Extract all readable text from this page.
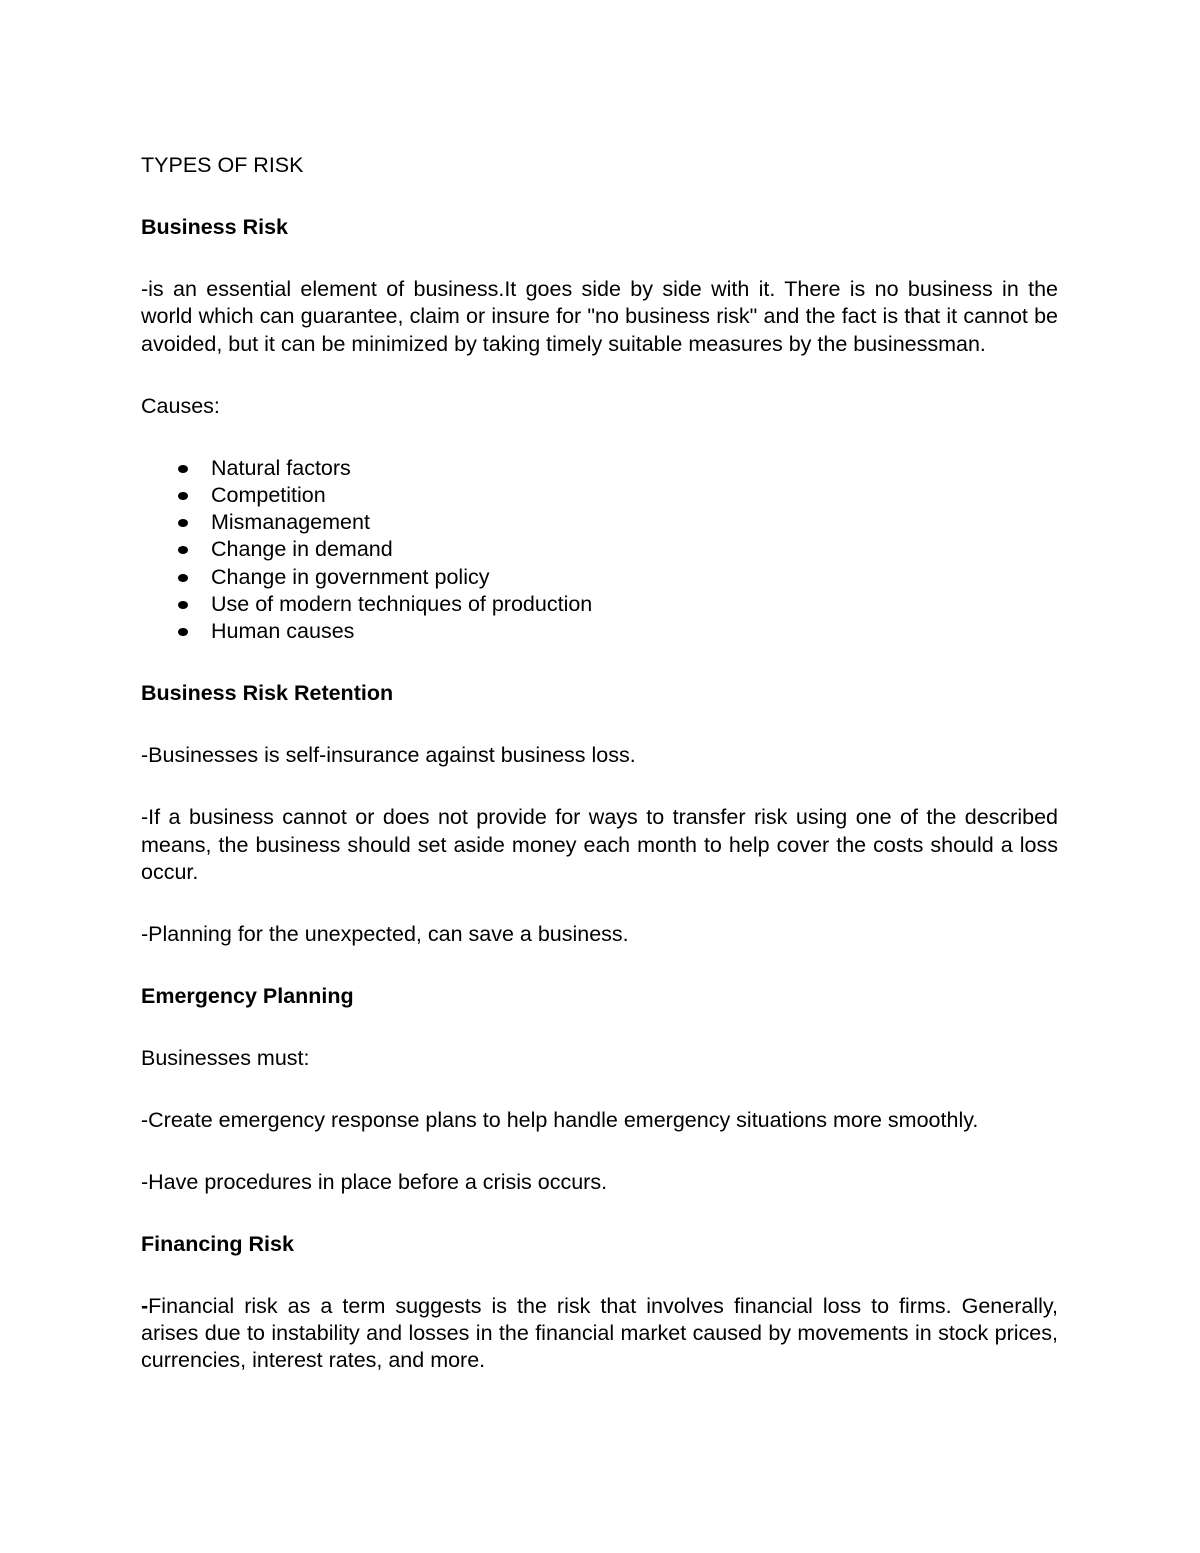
TYPES OF RISK

Business Risk

-is an essential element of business.It goes side by side with it. There is no business in the world which can guarantee, claim or insure for "no business risk" and the fact is that it cannot be avoided, but it can be minimized by taking timely suitable measures by the businessman.

Causes:

Natural factors
Competition
Mismanagement
Change in demand
Change in government policy
Use of modern techniques of production
Human causes

Business Risk Retention

-Businesses is self-insurance against business loss.

-If a business cannot or does not provide for ways to transfer risk using one of the described means, the business should set aside money each month to help cover the costs should a loss occur.

-Planning for the unexpected, can save a business.

Emergency Planning

Businesses must:

-Create emergency response plans to help handle emergency situations more smoothly.

-Have procedures in place before a crisis occurs.

Financing Risk

-Financial risk as a term suggests is the risk that involves financial loss to firms. Generally, arises due to instability and losses in the financial market caused by movements in stock prices, currencies, interest rates, and more.
